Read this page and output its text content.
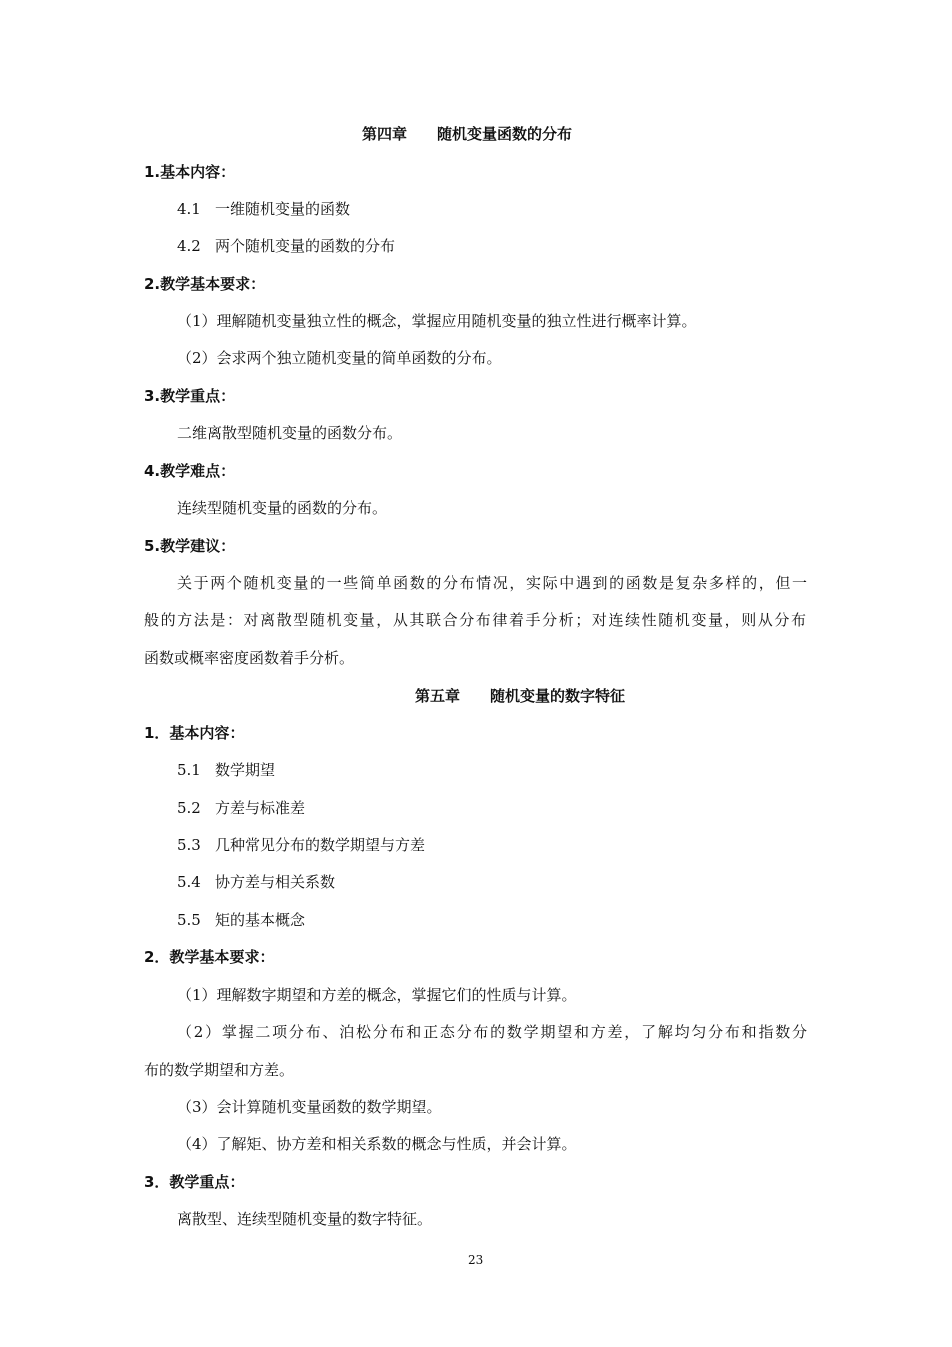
第四章 随机变量函数的分布
1.基本内容：
4.1 一维随机变量的函数
4.2 两个随机变量的函数的分布
2.教学基本要求：
（1）理解随机变量独立性的概念，掌握应用随机变量的独立性进行概率计算。
（2）会求两个独立随机变量的简单函数的分布。
3.教学重点：
二维离散型随机变量的函数分布。
4.教学难点：
连续型随机变量的函数的分布。
5.教学建议：
关于两个随机变量的一些简单函数的分布情况，实际中遇到的函数是复杂多样的，但一
般的方法是：对离散型随机变量，从其联合分布律着手分析；对连续性随机变量，则从分布
函数或概率密度函数着手分析。
第五章 随机变量的数字特征
1．基本内容：
5.1 数学期望
5.2 方差与标准差
5.3 几种常见分布的数学期望与方差
5.4 协方差与相关系数
5.5 矩的基本概念
2．教学基本要求：
（1）理解数字期望和方差的概念，掌握它们的性质与计算。
（2）掌握二项分布、泊松分布和正态分布的数学期望和方差，了解均匀分布和指数分
布的数学期望和方差。
（3）会计算随机变量函数的数学期望。
（4）了解矩、协方差和相关系数的概念与性质，并会计算。
3．教学重点：
离散型、连续型随机变量的数字特征。
23
